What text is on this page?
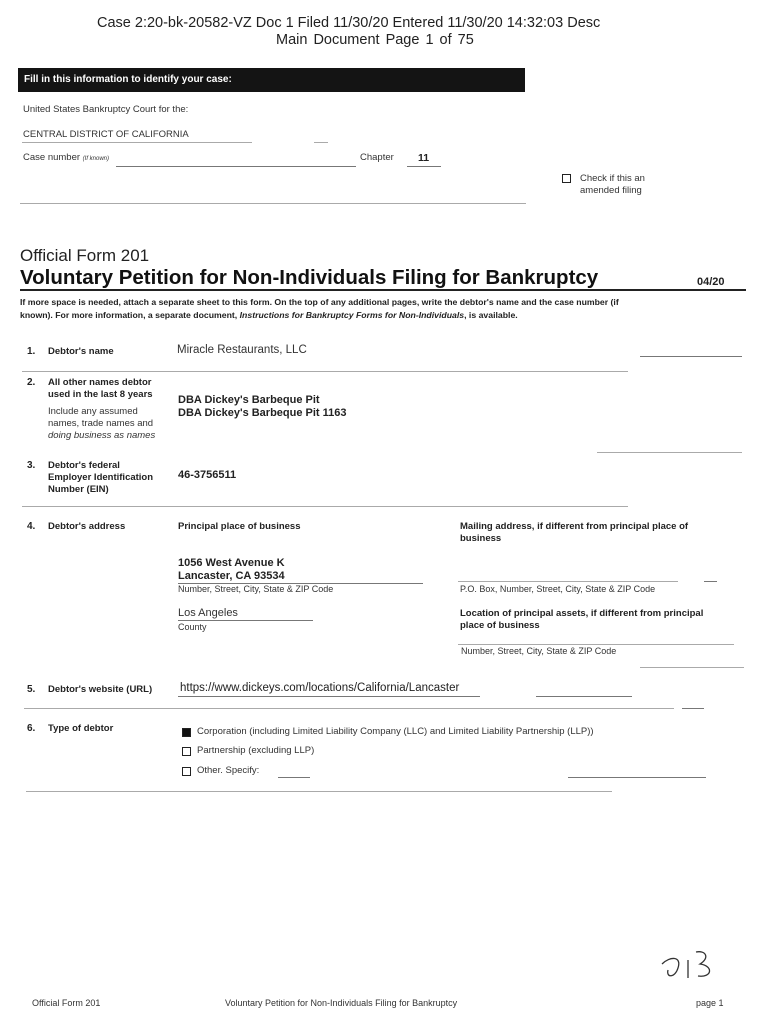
Case 2:20-bk-20582-VZ Doc 1 Filed 11/30/20 Entered 11/30/20 14:32:03 Desc
Main Document Page 1 of 75
Fill in this information to identify your case:
United States Bankruptcy Court for the:
CENTRAL DISTRICT OF CALIFORNIA
Case number (If known)	Chapter 11
Check if this an
amended filing
Official Form 201
Voluntary Petition for Non-Individuals Filing for Bankruptcy	04/20
If more space is needed, attach a separate sheet to this form. On the top of any additional pages, write the debtor's name and the case number (if
known). For more information, a separate document, Instructions for Bankruptcy Forms for Non-Individuals, is available.
1. Debtor's name	Miracle Restaurants, LLC
2. All other names debtor
used in the last 8 years
Include any assumed
names, trade names and
doing business as names
DBA Dickey's Barbeque Pit
DBA Dickey's Barbeque Pit 1163
3. Debtor's federal
Employer Identification
Number (EIN)
46-3756511
4. Debtor's address	Principal place of business
1056 West Avenue K
Lancaster, CA 93534
Number, Street, City, State & ZIP Code
Los Angeles
County
Mailing address, if different from principal place of
business
P.O. Box, Number, Street, City, State & ZIP Code
Location of principal assets, if different from principal
place of business
Number, Street, City, State & ZIP Code
5. Debtor's website (URL) https://www.dickeys.com/locations/California/Lancaster
6. Type of debtor	Corporation (including Limited Liability Company (LLC) and Limited Liability Partnership (LLP))
Partnership (excluding LLP)
Other. Specify:
Official Form 201	Voluntary Petition for Non-Individuals Filing for Bankruptcy	page 1
